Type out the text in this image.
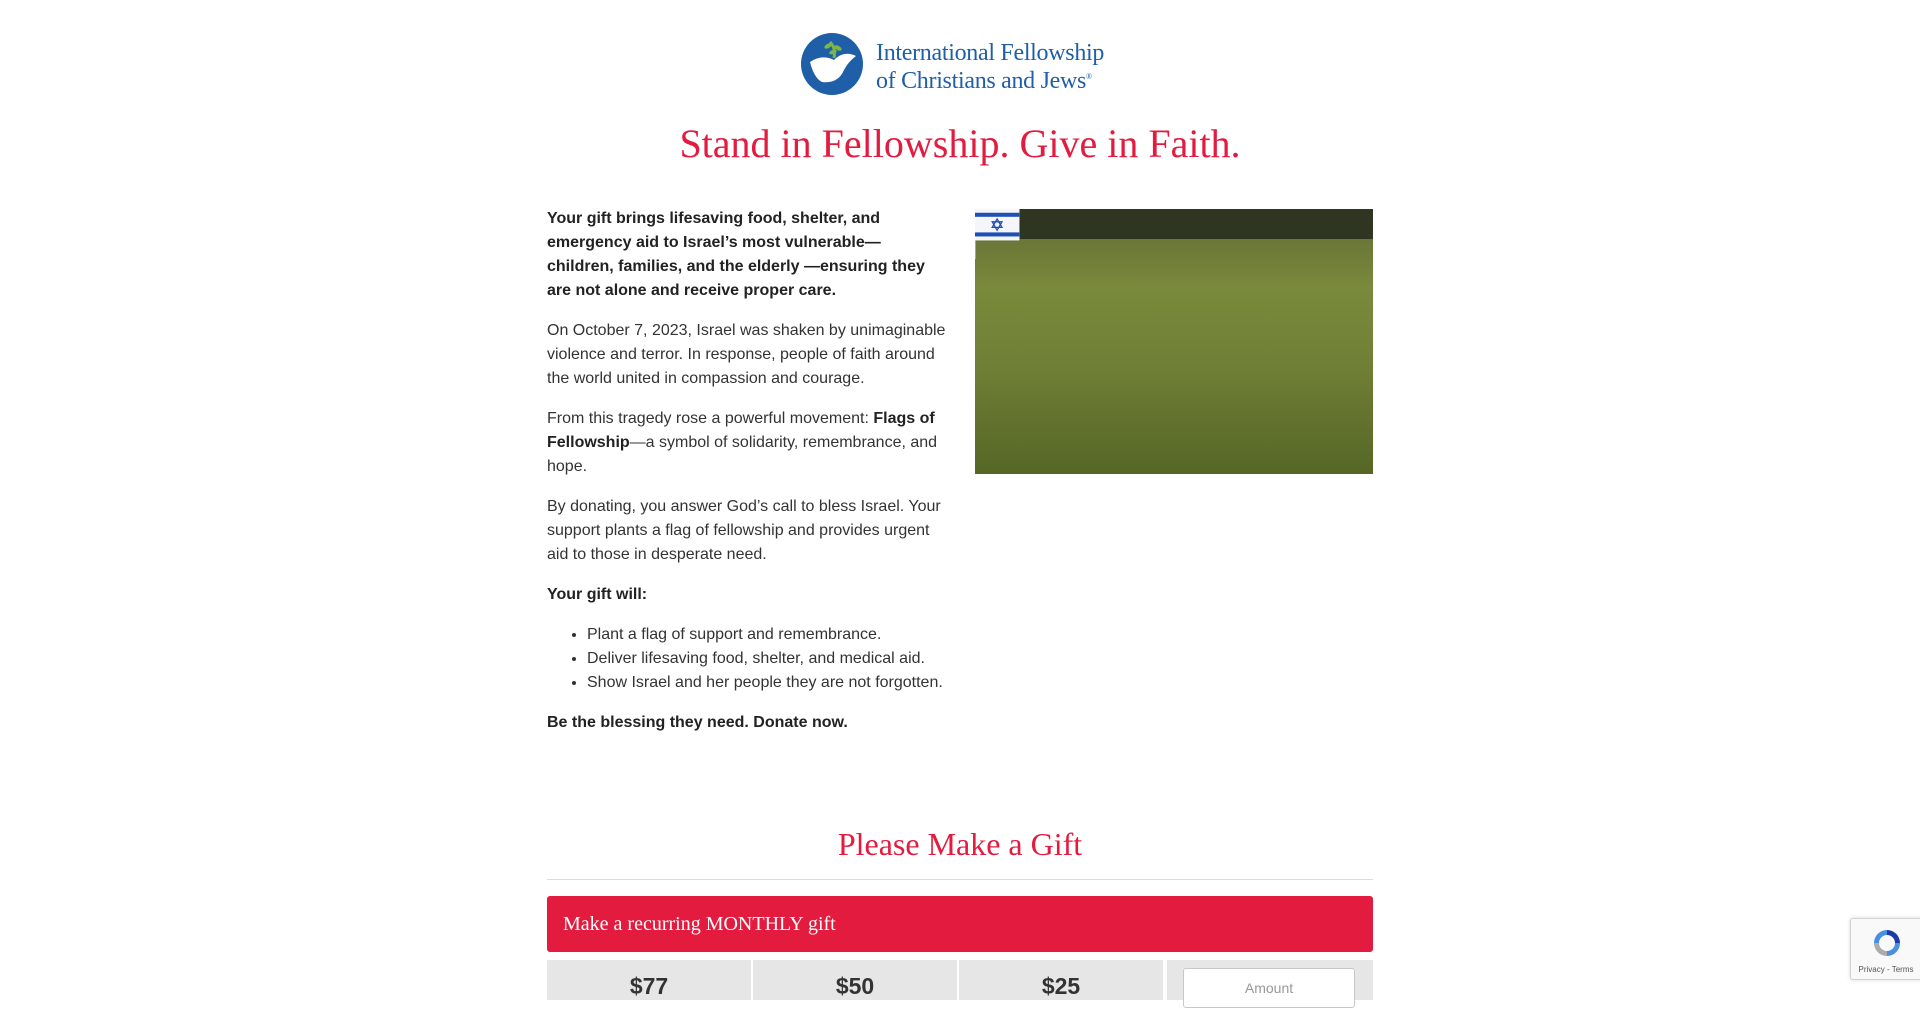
International Fellowship
of Christians and Jews®
Stand in Fellowship. Give in Faith.

Your gift brings lifesaving food, shelter, and emergency aid to Israel’s most vulnerable— children, families, and the elderly —ensuring they are not alone and receive proper care.

On October 7, 2023, Israel was shaken by unimaginable violence and terror. In response, people of faith around the world united in compassion and courage.

From this tragedy rose a powerful movement: Flags of Fellowship—a symbol of solidarity, remembrance, and hope.

By donating, you answer God’s call to bless Israel. Your support plants a flag of fellowship and provides urgent aid to those in desperate need.

Your gift will:

• Plant a flag of support and remembrance.
• Deliver lifesaving food, shelter, and medical aid.
• Show Israel and her people they are not forgotten.

Be the blessing they need. Donate now.

Please Make a Gift
Make a recurring MONTHLY gift
$77	$50	$25
Amount
Privacy - Terms
